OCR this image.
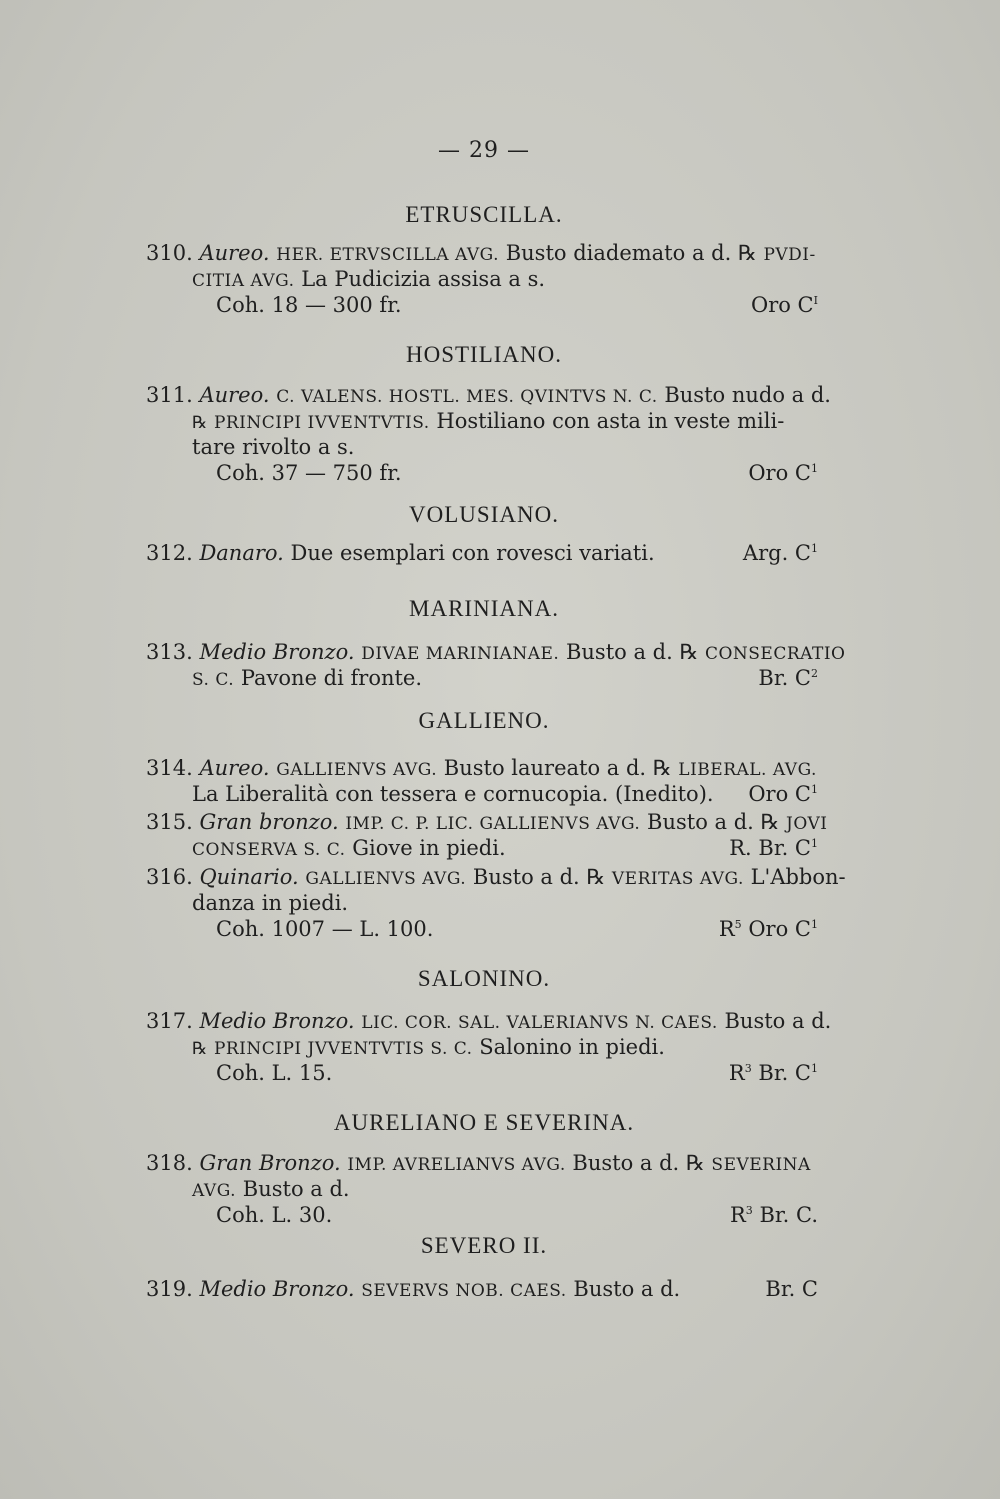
— 29 —
ETRUSCILLA.
310. Aureo. HER. ETRVSCILLA AVG. Busto diademato a d. ℞ PVDI-
CITIA AVG. La Pudicizia assisa a s.
Coh. 18 — 300 fr.	Oro $C^I$
HOSTILIANO.
311. Aureo. C. VALENS. HOSTL. MES. QVINTVS N. C. Busto nudo a d.
℞ PRINCIPI IVVENTVTIS. Hostiliano con asta in veste mili-
tare rivolto a s.
Coh. 37 — 750 fr.	Oro $C^1$
VOLUSIANO.
312. Danaro. Due esemplari con rovesci variati.	Arg. $C^1$
MARINIANA.
313. Medio Bronzo. DIVAE MARINIANAE. Busto a d. ℞ CONSECRATIO
S. C. Pavone di fronte.	Br. $C^2$
GALLIENO.
314. Aureo. GALLIENVS AVG. Busto laureato a d. ℞ LIBERAL. AVG.
La Liberalità con tessera e cornucopia. (Inedito). Oro $C^1$
315. Gran bronzo. IMP. C. P. LIC. GALLIENVS AVG. Busto a d. ℞ JOVI
CONSERVA S. C. Giove in piedi.	R. Br. $C^1$
316. Quinario. GALLIENVS AVG. Busto a d. ℞ VERITAS AVG. L'Abbon-
danza in piedi.
Coh. 1007 — L. 100.	$R^5$ Oro $C^1$
SALONINO.
317. Medio Bronzo. LIC. COR. SAL. VALERIANVS N. CAES. Busto a d.
℞ PRINCIPI JVVENTVTIS S. C. Salonino in piedi.
Coh. L. 15.	$R^3$ Br. $C^1$
AURELIANO E SEVERINA.
318. Gran Bronzo. IMP. AVRELIANVS AVG. Busto a d. ℞ SEVERINA
AVG. Busto a d.
Coh. L. 30.	$R^3$ Br. C.
SEVERO II.
319. Medio Bronzo. SEVERVS NOB. CAES. Busto a d.	Br. C
